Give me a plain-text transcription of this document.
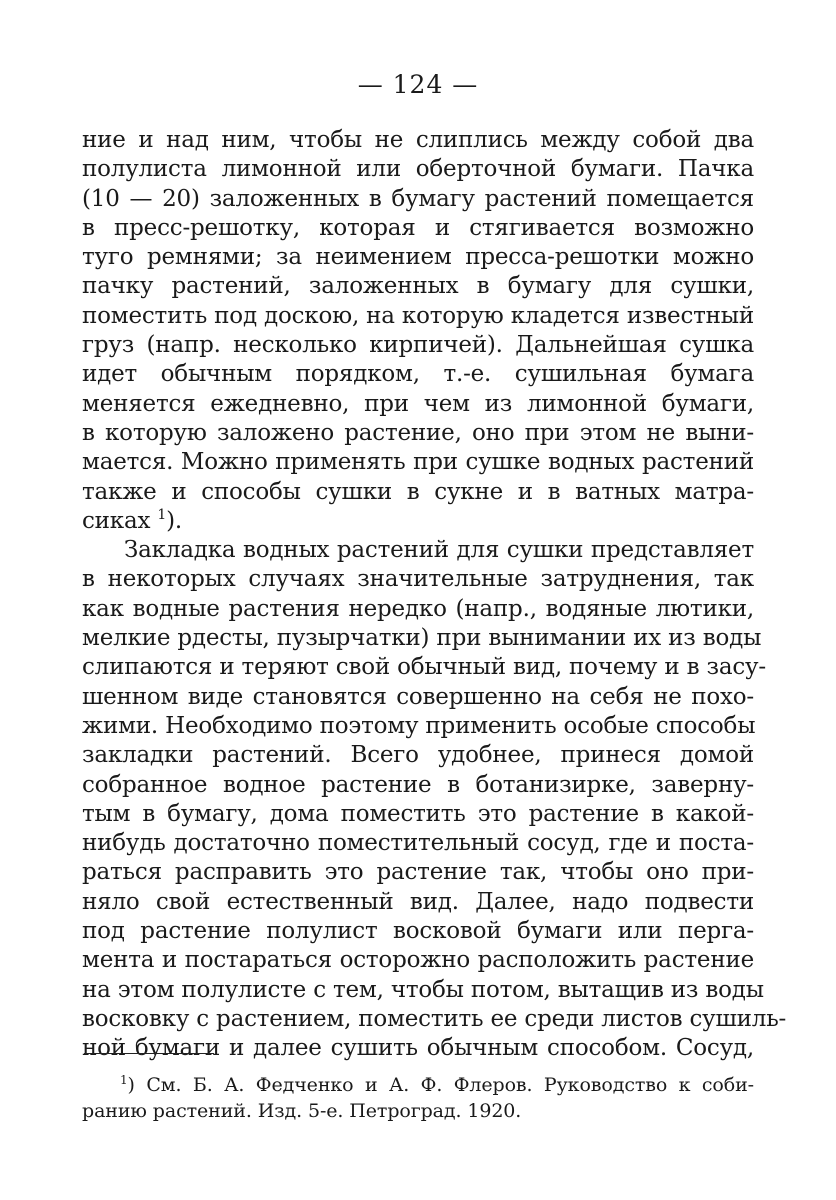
— 124 —
ние и над ним, чтобы не слиплись между собой два
полулиста лимонной или оберточной бумаги. Пачка
(10 — 20) заложенных в бумагу растений помещается
в пресс-решотку, которая и стягивается возможно
туго ремнями; за неимением пресса-решотки можно
пачку растений, заложенных в бумагу для сушки,
поместить под доскою, на которую кладется известный
груз (напр. несколько кирпичей). Дальнейшая сушка
идет обычным порядком, т.-е. сушильная бумага
меняется ежедневно, при чем из лимонной бумаги,
в которую заложено растение, оно при этом не выни-
мается. Можно применять при сушке водных растений
также и способы сушки в сукне и в ватных матра-
сиках $^1$).
Закладка водных растений для сушки представляет
в некоторых случаях значительные затруднения, так
как водные растения нередко (напр., водяные лютики,
мелкие рдесты, пузырчатки) при вынимании их из воды
слипаются и теряют свой обычный вид, почему и в засу-
шенном виде становятся совершенно на себя не похо-
жими. Необходимо поэтому применить особые способы
закладки растений. Всего удобнее, принеся домой
собранное водное растение в ботанизирке, заверну-
тым в бумагу, дома поместить это растение в какой-
нибудь достаточно поместительный сосуд, где и поста-
раться расправить это растение так, чтобы оно при-
няло свой естественный вид. Далее, надо подвести
под растение полулист восковой бумаги или перга-
мента и постараться осторожно расположить растение
на этом полулисте с тем, чтобы потом, вытащив из воды
восковку с растением, поместить ее среди листов сушиль-
ной бумаги и далее сушить обычным способом. Сосуд,
$^1$) См. Б. А. Федченко и А. Ф. Флеров. Руководство к соби-
ранию растений. Изд. 5-е. Петроград. 1920.
